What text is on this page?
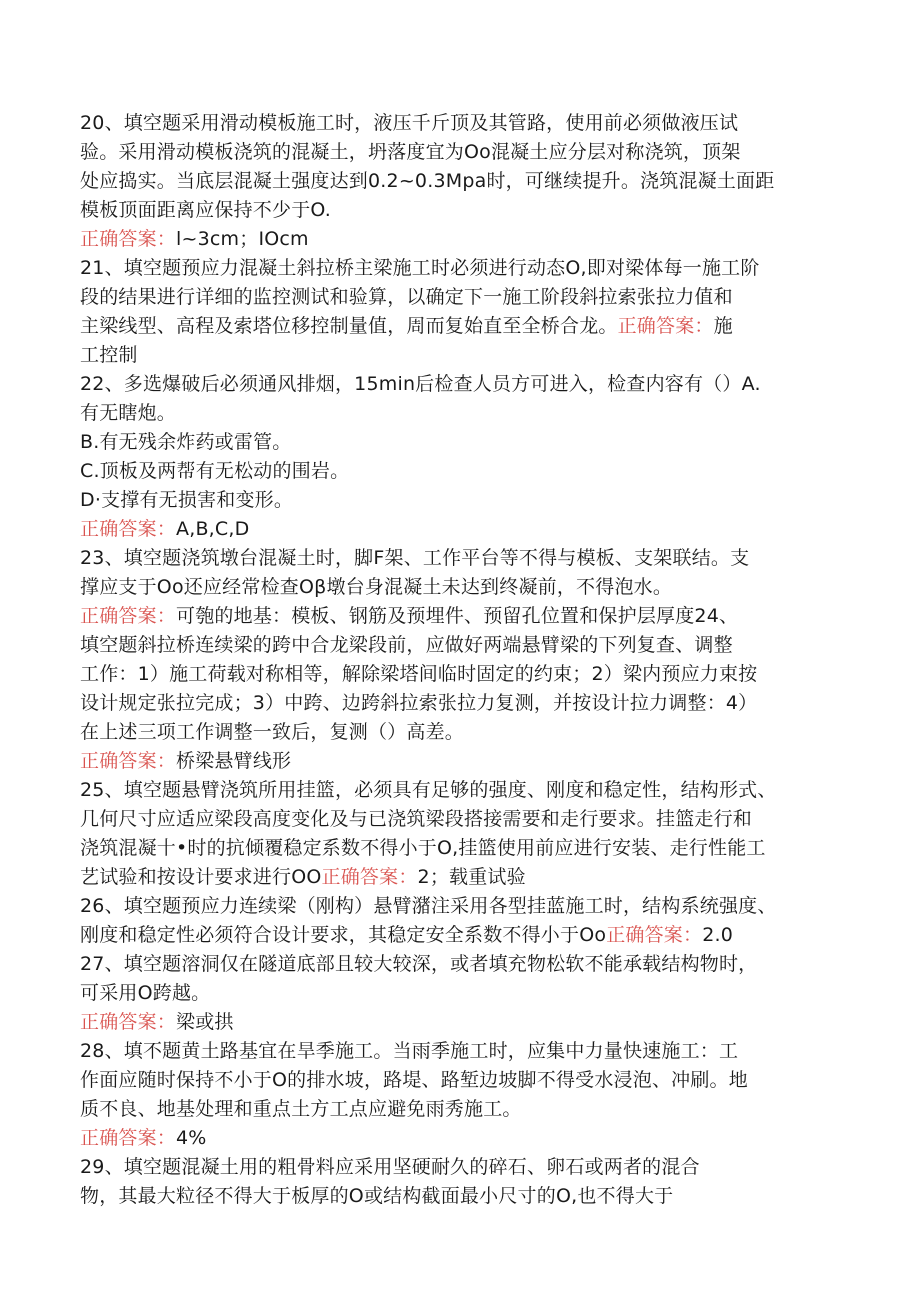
20、填空题采用滑动模板施工时，液压千斤顶及其管路，使用前必须做液压试
验。采用滑动模板浇筑的混凝土，坍落度宜为Oo混凝土应分层对称浇筑，顶架
处应捣实。当底层混凝土强度达到0.2~0.3Mpa时，可继续提升。浇筑混凝土面距
模板顶面距离应保持不少于O.
正确答案：l~3cm；IOcm
21、填空题预应力混凝土斜拉桥主梁施工时必须进行动态O,即对梁体每一施工阶
段的结果进行详细的监控测试和验算，以确定下一施工阶段斜拉索张拉力值和
主梁线型、高程及索塔位移控制量值，周而复始直至全桥合龙。正确答案：施
工控制
22、多选爆破后必须通风排烟，15min后检查人员方可进入，检查内容有（）A.
有无瞎炮。
B.有无残余炸药或雷管。
C.顶板及两帮有无松动的围岩。
D·支撑有无损害和变形。
正确答案：A,B,C,D
23、填空题浇筑墩台混凝土时，脚F架、工作平台等不得与模板、支架联结。支
撑应支于Oo还应经常检查Oβ墩台身混凝土未达到终凝前，不得泡水。
正确答案：可匏的地基：模板、钢筋及预埋件、预留孔位置和保护层厚度24、
填空题斜拉桥连续梁的跨中合龙梁段前，应做好两端悬臂梁的下列复查、调整
工作：1）施工荷载对称相等，解除梁塔间临时固定的约束；2）梁内预应力束按
设计规定张拉完成；3）中跨、边跨斜拉索张拉力复测，并按设计拉力调整：4）
在上述三项工作调整一致后，复测（）高差。
正确答案：桥梁悬臂线形
25、填空题悬臂浇筑所用挂篮，必须具有足够的强度、刚度和稳定性，结构形式、
几何尺寸应适应梁段高度变化及与已浇筑梁段搭接需要和走行要求。挂篮走行和
浇筑混凝十•时的抗倾覆稳定系数不得小于O,挂篮使用前应进行安装、走行性能工
艺试验和按设计要求进行OO正确答案：2；载重试验
26、填空题预应力连续梁（刚构）悬臂潴注采用各型挂蓝施工时，结构系统强度、
刚度和稳定性必须符合设计要求，其稳定安全系数不得小于Oo正确答案：2.0
27、填空题溶洞仅在隧道底部且较大较深，或者填充物松软不能承载结构物时，
可采用O跨越。
正确答案：梁或拱
28、填不题黄土路基宜在旱季施工。当雨季施工时，应集中力量快速施工：工
作面应随时保持不小于O的排水坡，路堤、路堑边坡脚不得受水浸泡、冲刷。地
质不良、地基处理和重点土方工点应避免雨秀施工。
正确答案：4%
29、填空题混凝土用的粗骨料应采用坚硬耐久的碎石、卵石或两者的混合
物，其最大粒径不得大于板厚的O或结构截面最小尺寸的O,也不得大于
